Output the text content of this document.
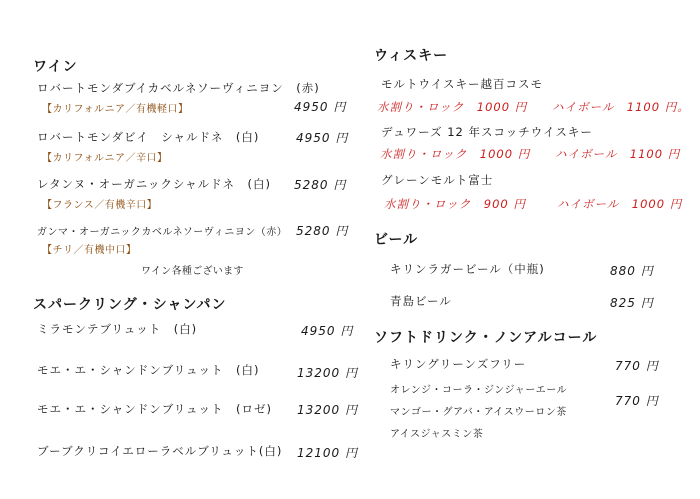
ワイン
ロバートモンダブイカベルネソーヴィニヨン　(赤)
【カリフォルニア／有機軽口】	4950 円
ロバートモンダビイ　シャルドネ　(白)
【カリフォルニア／辛口】
4950 円
レタンヌ・オーガニックシャルドネ　(白)
【フランス／有機辛口】
5280 円
ガンマ・オーガニックカベルネソーヴィニヨン（赤）
【チリ／有機中口】
5280 円
ワイン各種ございます
スパークリング・シャンパン
ミラモンテブリュット　(白)	4950 円
モエ・エ・シャンドンブリュット　(白)	13200 円
モエ・エ・シャンドンブリュット　(ロゼ) 13200 円
ブーブクリコイエローラベルブリュット(白) 12100 円
ウィスキー
モルトウイスキー越百コスモ
水割り・ロック　1000 円 ハイボール　1100 円。
デュワーズ 12 年スコッチウイスキー
水割り・ロック　1000 円 ハイボール　1100 円
グレーンモルト富士
水割り・ロック　900 円	ハイボール　1000 円
ビール
キリンラガービール（中瓶)	880 円
青島ビール	825 円
ソフトドリンク・ノンアルコール
キリングリーンズフリー	770 円
オレンジ・コーラ・ジンジャーエール
マンゴー・グアバ・アイスウーロン茶
アイスジャスミン茶
770 円
